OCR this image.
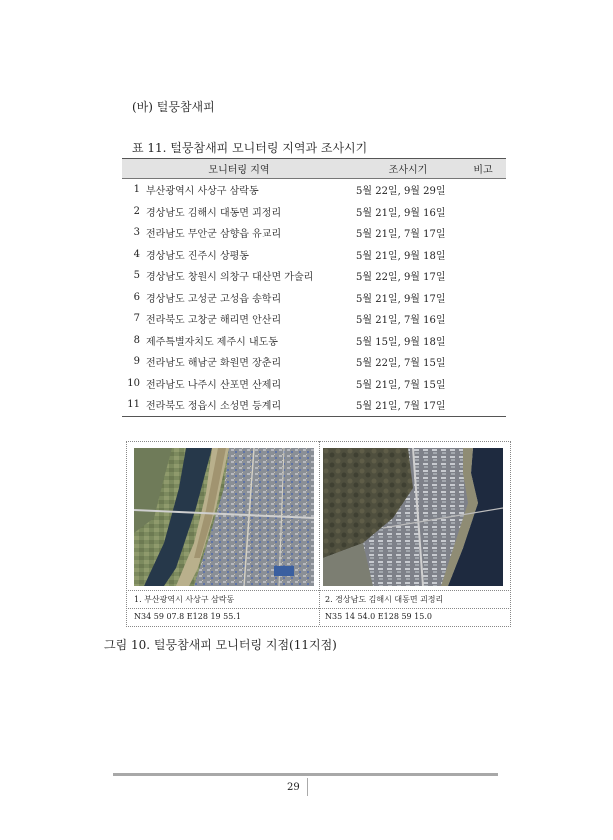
(바) 털뭉참새피
표 11. 털뭉참새피 모니터링 지역과 조사시기
모니터링 지역		조사시기	비고
1	부산광역시 사상구 삼락동	5월 22일, 9월 29일	
2	경상남도 김해시 대동면 괴정리	5월 21일, 9월 16일	
3	전라남도 무안군 삼향읍 유교리	5월 21일, 7월 17일	
4	경상남도 진주시 상평동	5월 21일, 9월 18일	
5	경상남도 창원시 의창구 대산면 가술리	5월 22일, 9월 17일	
6	경상남도 고성군 고성읍 송학리	5월 21일, 9월 17일	
7	전라북도 고창군 해리면 안산리	5월 21일, 7월 16일	
8	제주특별자치도 제주시 내도동	5월 15일, 9월 18일	
9	전라남도 해남군 화원면 장춘리	5월 22일, 7월 15일	
10	전라남도 나주시 산포면 산제리	5월 21일, 7월 15일	
11	전라북도 정읍시 소성면 등계리	5월 21일, 7월 17일	
1. 부산광역시 사상구 삼락동
N34 59 07.8 E128 19 55.1
2. 경상남도 김해시 대동면 괴정리
N35 14 54.0 E128 59 15.0
그림 10. 털뭉참새피 모니터링 지점(11지점)
29
